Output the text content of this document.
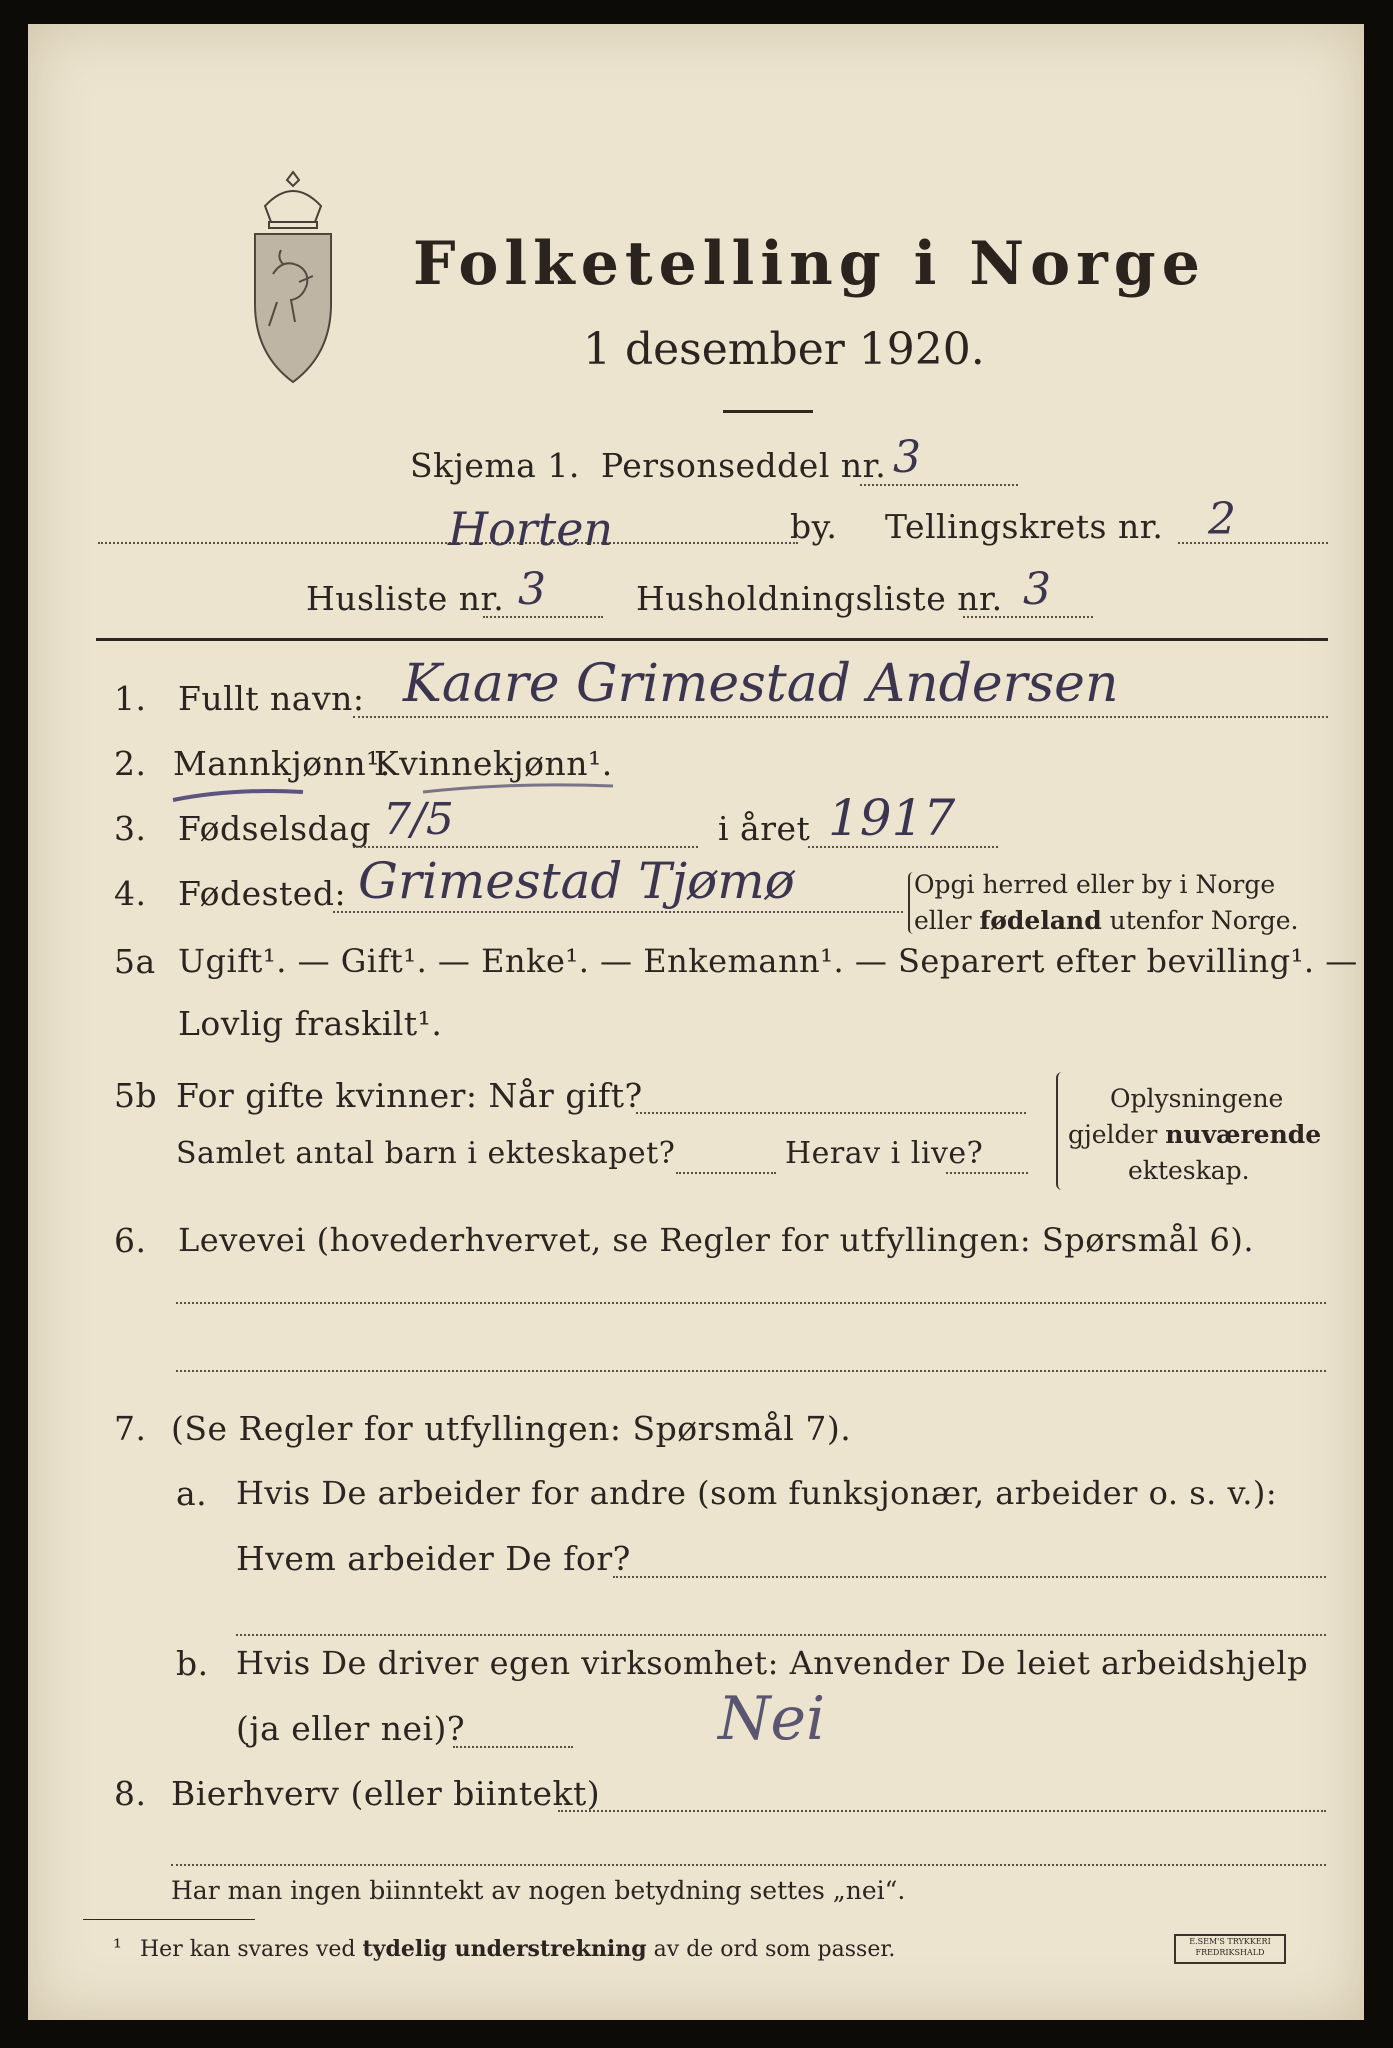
Folketelling i Norge
1 desember 1920.
Skjema 1. Personseddel nr. 3
Horten	by. Tellingskrets nr. 2
Husliste nr. 3	Husholdningsliste nr. 3
1. Fullt navn: Kaare Grimestad Andersen
2. Mannkjønn¹.
Kvinnekjønn¹.
3. Fødselsdag 7/5	i året 1917
4. Fødested: Grimestad Tjømø	Opgi herred eller by i Norge
eller fødeland utenfor Norge.
5a Ugift¹. — Gift¹. — Enke¹. — Enkemann¹. — Separert efter bevilling¹. —
Lovlig fraskilt¹.
5b For gifte kvinner: Når gift?
Samlet antal barn i ekteskapet?	Herav i live?
Oplysningene
gjelder nuværende
ekteskap.
6. Levevei (hovederhvervet, se Regler for utfyllingen: Spørsmål 6).
7. (Se Regler for utfyllingen: Spørsmål 7).
a. Hvis De arbeider for andre (som funksjonær, arbeider o. s. v.):
Hvem arbeider De for?
b. Hvis De driver egen virksomhet: Anvender De leiet arbeidshjelp
(ja eller nei)?	Nei
8. Bierhverv (eller biintekt)
Har man ingen biinntekt av nogen betydning settes „nei“.
¹ Her kan svares ved tydelig understrekning av de ord som passer.	E.SEM'S TRYKKERI
FREDRIKSHALD
